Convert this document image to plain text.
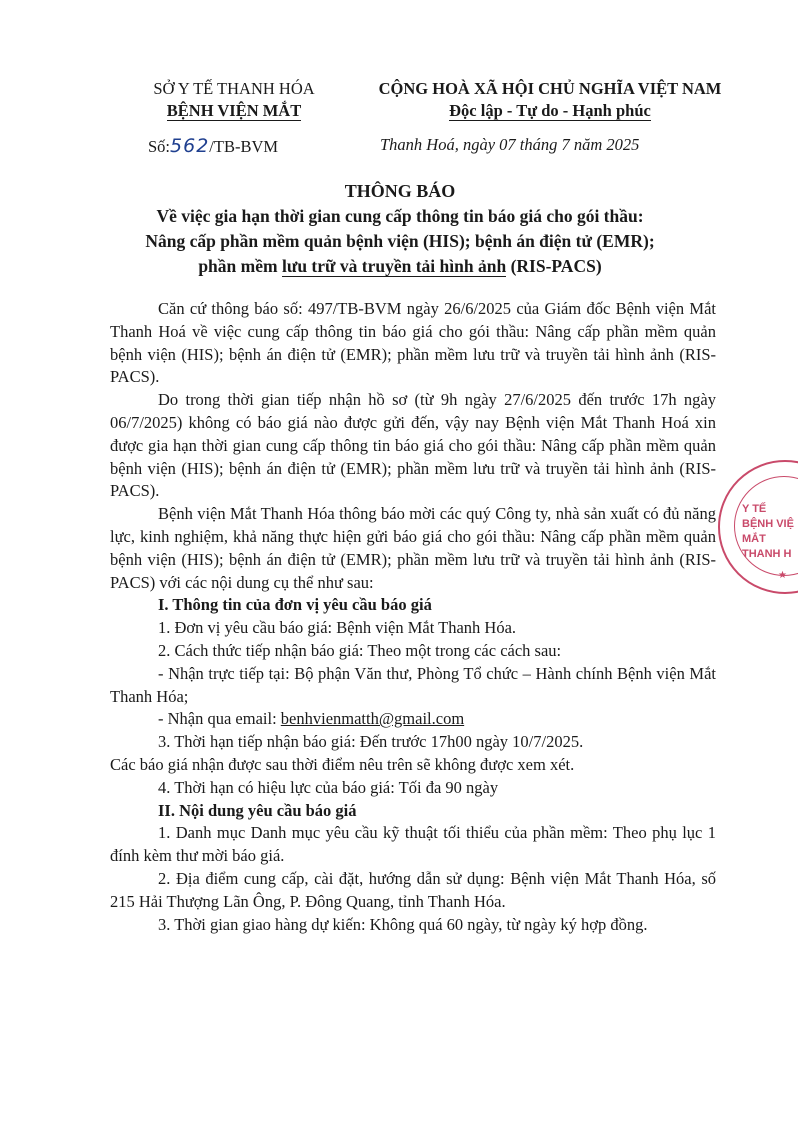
SỞ Y TẾ THANH HÓA
BỆNH VIỆN MẮT
CỘNG HOÀ XÃ HỘI CHỦ NGHĨA VIỆT NAM
Độc lập - Tự do - Hạnh phúc
Số:562/TB-BVM	Thanh Hoá, ngày 07 tháng 7 năm 2025
THÔNG BÁO
Về việc gia hạn thời gian cung cấp thông tin báo giá cho gói thầu:
Nâng cấp phần mềm quản bệnh viện (HIS); bệnh án điện tử (EMR);
phần mềm lưu trữ và truyền tải hình ảnh (RIS-PACS)

Căn cứ thông báo số: 497/TB-BVM ngày 26/6/2025 của Giám đốc Bệnh viện Mắt Thanh Hoá về việc cung cấp thông tin báo giá cho gói thầu: Nâng cấp phần mềm quản bệnh viện (HIS); bệnh án điện tử (EMR); phần mềm lưu trữ và truyền tải hình ảnh (RIS-PACS).

Do trong thời gian tiếp nhận hồ sơ (từ 9h ngày 27/6/2025 đến trước 17h ngày 06/7/2025) không có báo giá nào được gửi đến, vậy nay Bệnh viện Mắt Thanh Hoá xin được gia hạn thời gian cung cấp thông tin báo giá cho gói thầu: Nâng cấp phần mềm quản bệnh viện (HIS); bệnh án điện tử (EMR); phần mềm lưu trữ và truyền tải hình ảnh (RIS-PACS).

Bệnh viện Mắt Thanh Hóa thông báo mời các quý Công ty, nhà sản xuất có đủ năng lực, kinh nghiệm, khả năng thực hiện gửi báo giá cho gói thầu: Nâng cấp phần mềm quản bệnh viện (HIS); bệnh án điện tử (EMR); phần mềm lưu trữ và truyền tải hình ảnh (RIS-PACS) với các nội dung cụ thể như sau:

I. Thông tin của đơn vị yêu cầu báo giá

1. Đơn vị yêu cầu báo giá: Bệnh viện Mắt Thanh Hóa.

2. Cách thức tiếp nhận báo giá: Theo một trong các cách sau:

- Nhận trực tiếp tại: Bộ phận Văn thư, Phòng Tổ chức – Hành chính Bệnh viện Mắt Thanh Hóa;

- Nhận qua email: benhvienmatth@gmail.com

3. Thời hạn tiếp nhận báo giá: Đến trước 17h00 ngày 10/7/2025.

Các báo giá nhận được sau thời điểm nêu trên sẽ không được xem xét.

4. Thời hạn có hiệu lực của báo giá: Tối đa 90 ngày

II. Nội dung yêu cầu báo giá

1. Danh mục Danh mục yêu cầu kỹ thuật tối thiểu của phần mềm: Theo phụ lục 1 đính kèm thư mời báo giá.

2. Địa điểm cung cấp, cài đặt, hướng dẫn sử dụng: Bệnh viện Mắt Thanh Hóa, số 215 Hải Thượng Lãn Ông, P. Đông Quang, tỉnh Thanh Hóa.

3. Thời gian giao hàng dự kiến: Không quá 60 ngày, từ ngày ký hợp đồng.

Y TẾ
BỆNH VIỆ
MẮT
THANH H
★
